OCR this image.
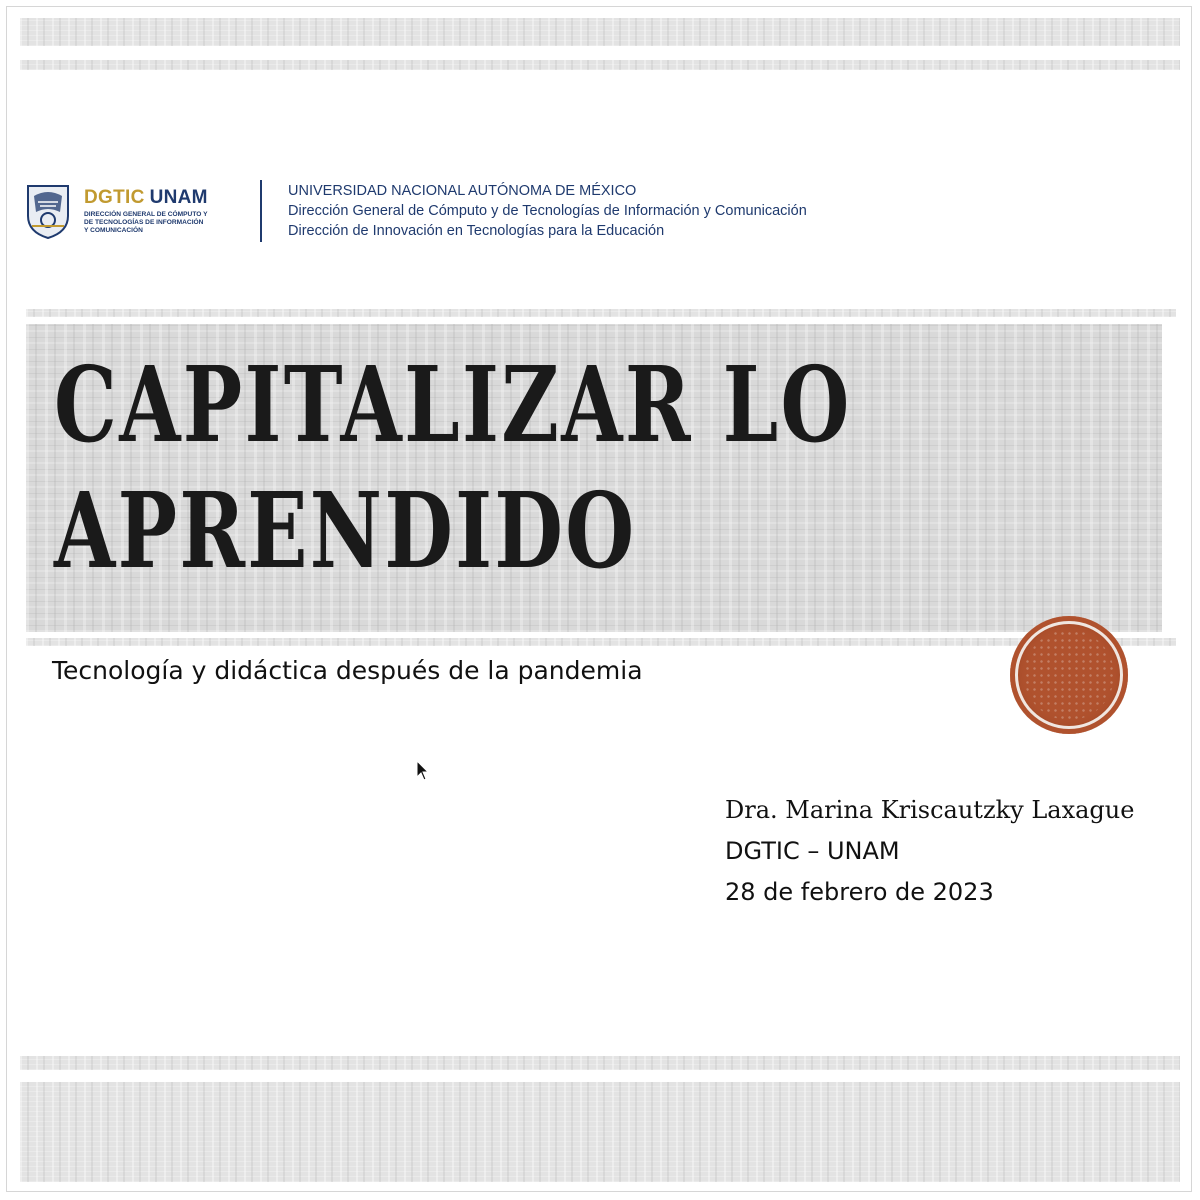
DGTIC UNAM
DIRECCIÓN GENERAL DE CÓMPUTO Y
DE TECNOLOGÍAS DE INFORMACIÓN
Y COMUNICACIÓN
UNIVERSIDAD NACIONAL AUTÓNOMA DE MÉXICO
Dirección General de Cómputo y de Tecnologías de Información y Comunicación
Dirección de Innovación en Tecnologías para la Educación
CAPITALIZAR LO
APRENDIDO
Tecnología y didáctica después de la pandemia
Dra. Marina Kriscautzky Laxague
DGTIC – UNAM
28 de febrero de 2023
